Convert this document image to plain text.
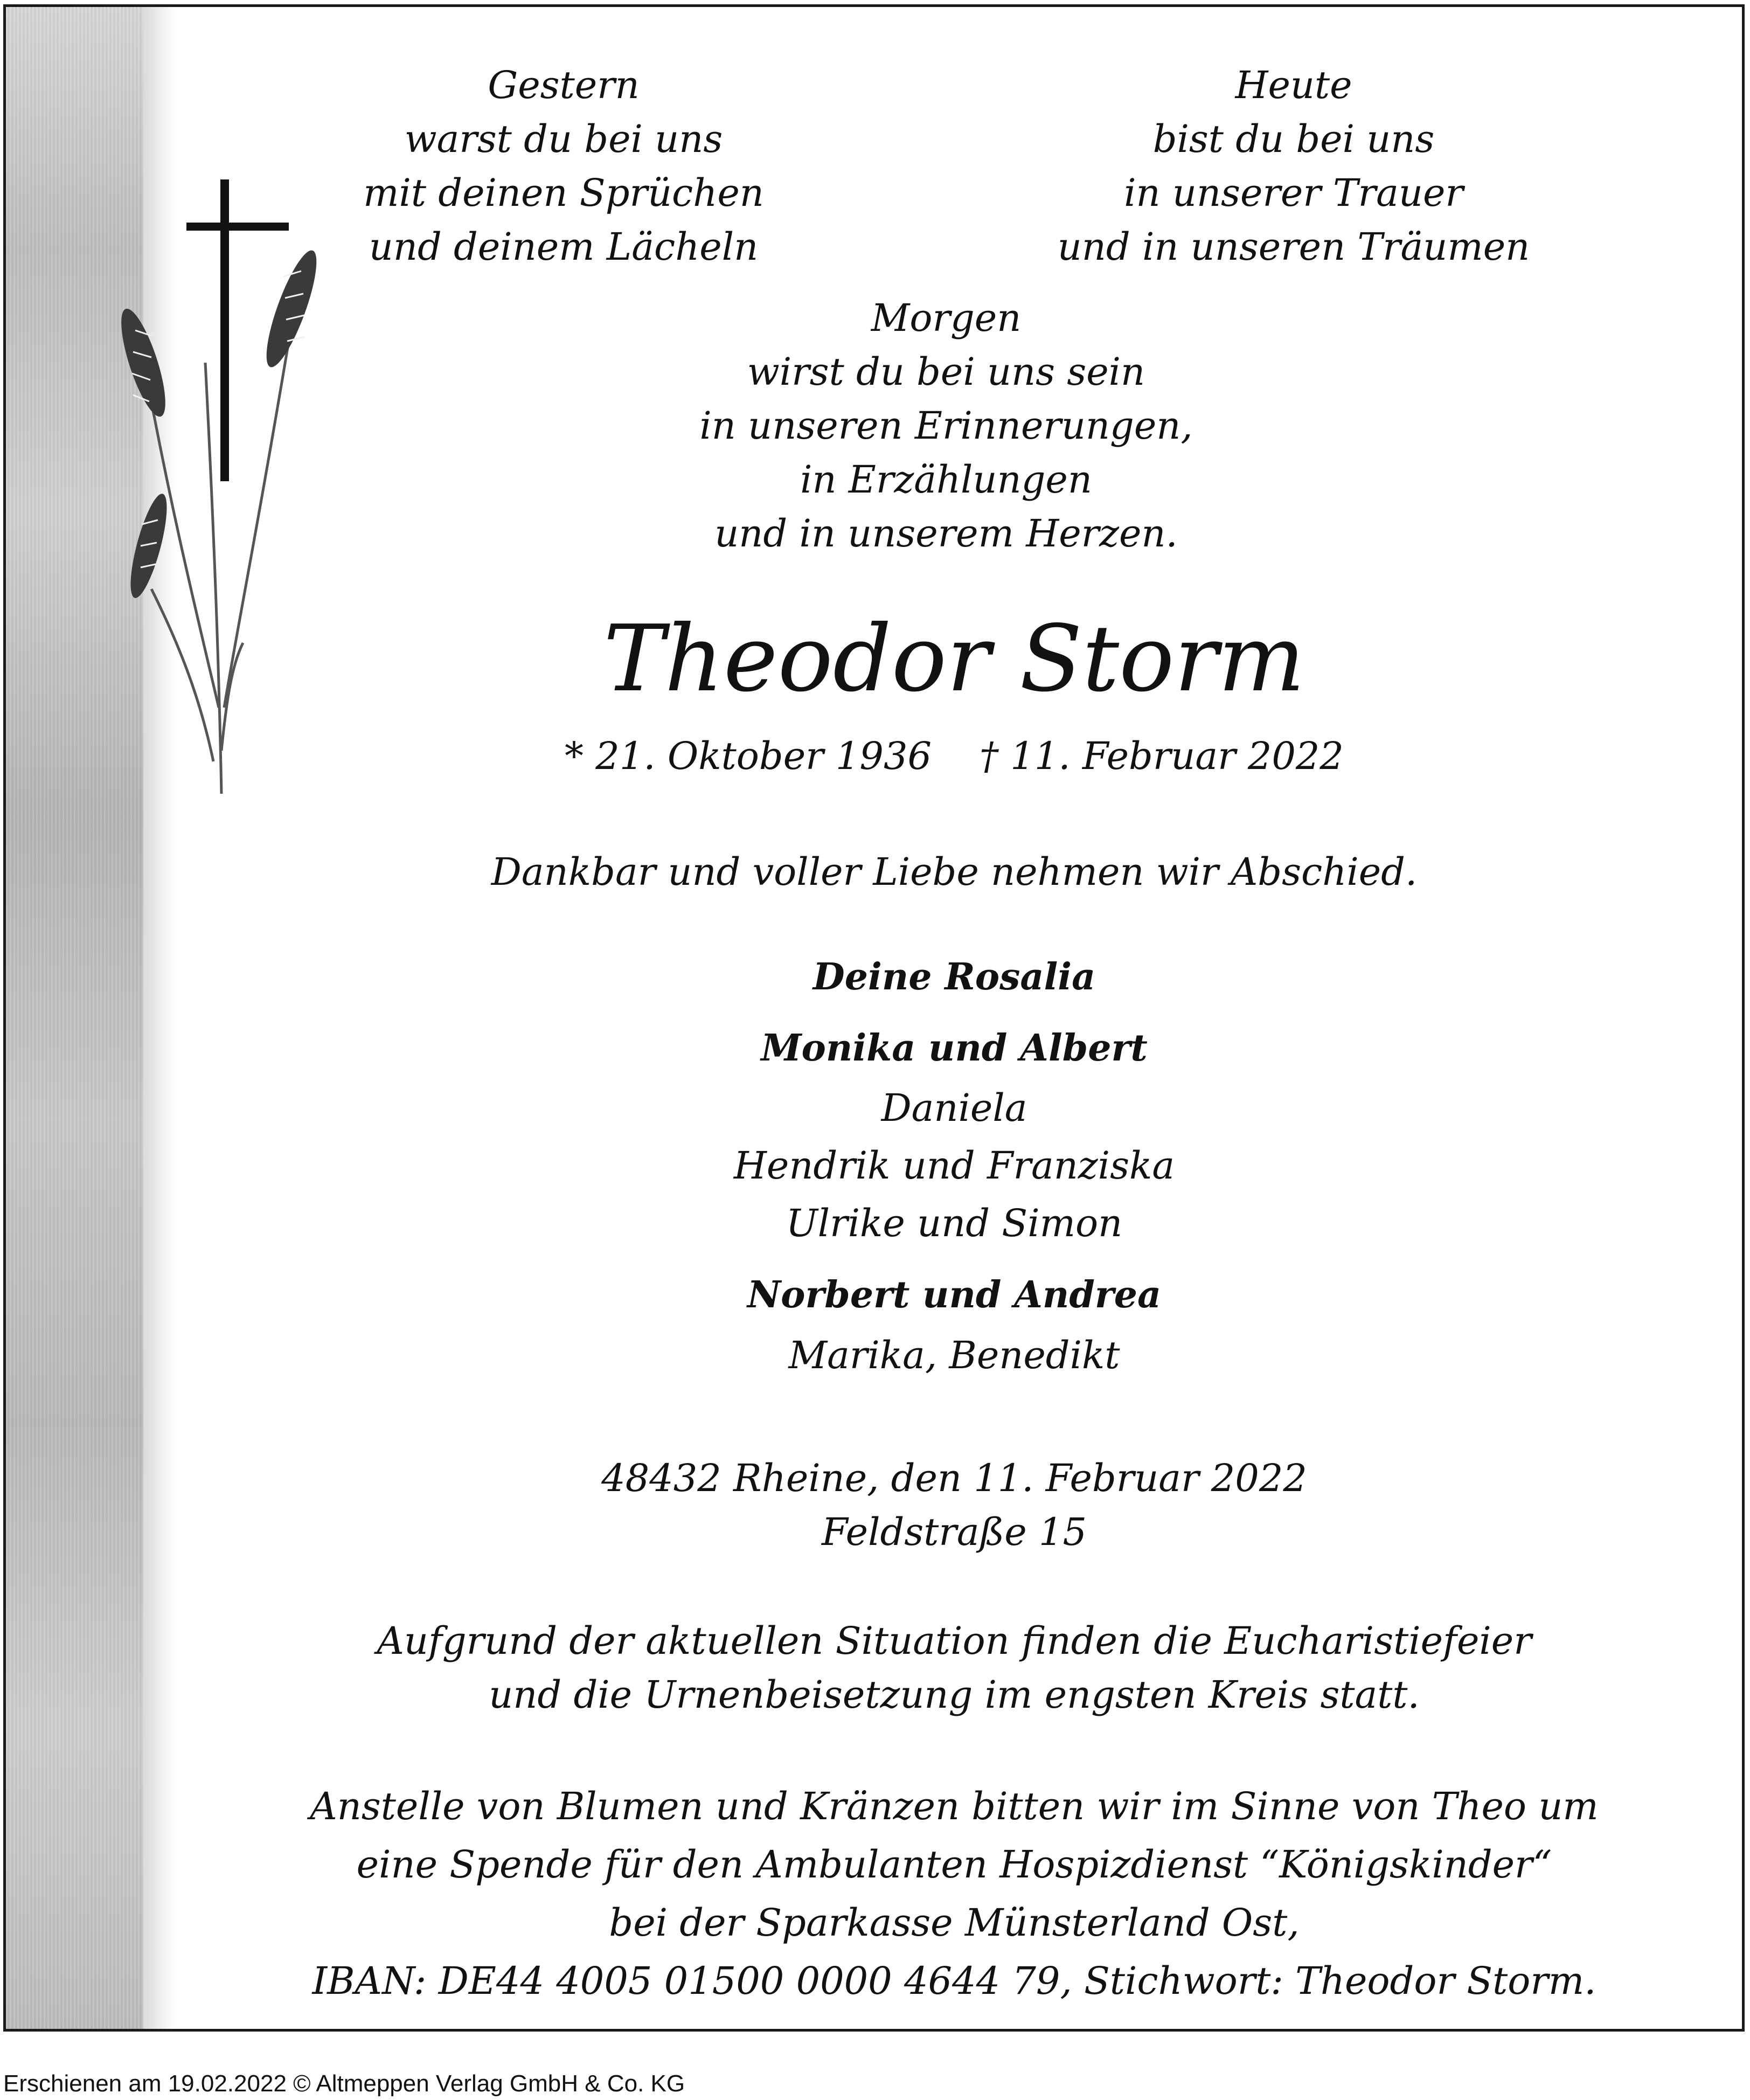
Gestern
warst du bei uns
mit deinen Sprüchen
und deinem Lächeln
Heute
bist du bei uns
in unserer Trauer
und in unseren Träumen
Morgen
wirst du bei uns sein
in unseren Erinnerungen,
in Erzählungen
und in unserem Herzen.
Theodor Storm
* 21. Oktober 1936    † 11. Februar 2022
Dankbar und voller Liebe nehmen wir Abschied.
Deine Rosalia
Monika und Albert
Daniela
Hendrik und Franziska
Ulrike und Simon
Norbert und Andrea
Marika, Benedikt
48432 Rheine, den 11. Februar 2022
Feldstraße 15
Aufgrund der aktuellen Situation finden die Eucharistiefeier
und die Urnenbeisetzung im engsten Kreis statt.
Anstelle von Blumen und Kränzen bitten wir im Sinne von Theo um
eine Spende für den Ambulanten Hospizdienst “Königskinder“
bei der Sparkasse Münsterland Ost,
IBAN: DE44 4005 01500 0000 4644 79, Stichwort: Theodor Storm.
Erschienen am 19.02.2022 © Altmeppen Verlag GmbH & Co. KG
